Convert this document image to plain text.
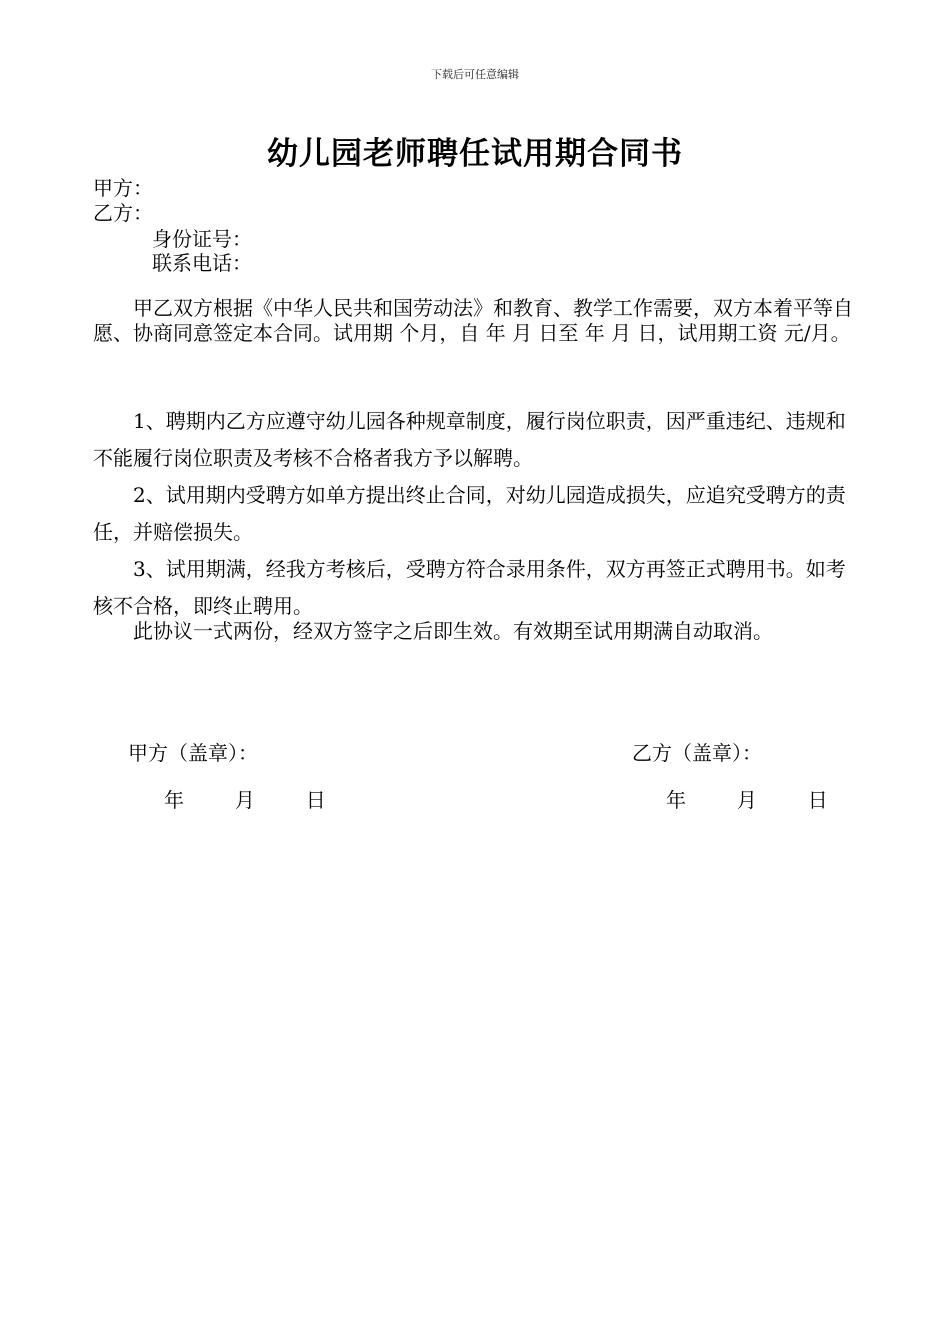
下载后可任意编辑
幼儿园老师聘任试用期合同书
甲方：
乙方：
身份证号：
联系电话：

甲乙双方根据《中华人民共和国劳动法》和教育、教学工作需要，双方本着平等自愿、协商同意签定本合同。试用期 个月，自 年 月 日至 年 月 日，试用期工资 元/月。

1、聘期内乙方应遵守幼儿园各种规章制度，履行岗位职责，因严重违纪、违规和不能履行岗位职责及考核不合格者我方予以解聘。

2、试用期内受聘方如单方提出终止合同，对幼儿园造成损失，应追究受聘方的责任，并赔偿损失。

3、试用期满，经我方考核后，受聘方符合录用条件，双方再签正式聘用书。如考核不合格，即终止聘用。

此协议一式两份，经双方签字之后即生效。有效期至试用期满自动取消。

甲方（盖章）：	乙方（盖章）：
年        月        日	年        月        日
